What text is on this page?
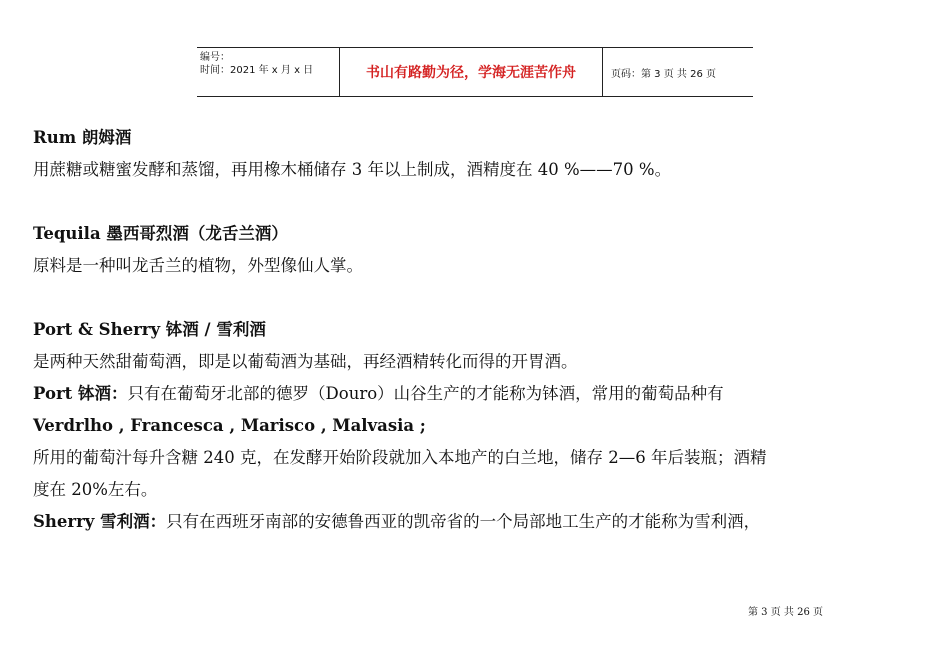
编号：
时间：2021 年 x 月 x 日	书山有路勤为径，学海无涯苦作舟	页码：第 3 页 共 26 页
Rum 朗姆酒
用蔗糖或糖蜜发酵和蒸馏，再用橡木桶储存 3 年以上制成，酒精度在 40 %——70 %。
Tequila 墨西哥烈酒（龙舌兰酒）
原料是一种叫龙舌兰的植物，外型像仙人掌。
Port & Sherry 钵酒 / 雪利酒
是两种天然甜葡萄酒，即是以葡萄酒为基础，再经酒精转化而得的开胃酒。
Port 钵酒：只有在葡萄牙北部的德罗（Douro）山谷生产的才能称为钵酒，常用的葡萄品种有
Verdrlho , Francesca , Marisco , Malvasia ;
所用的葡萄汁每升含糖 240 克，在发酵开始阶段就加入本地产的白兰地，储存 2—6 年后装瓶；酒精
度在 20%左右。
Sherry 雪利酒：只有在西班牙南部的安德鲁西亚的凯帝省的一个局部地工生产的才能称为雪利酒，
第 3 页 共 26 页
